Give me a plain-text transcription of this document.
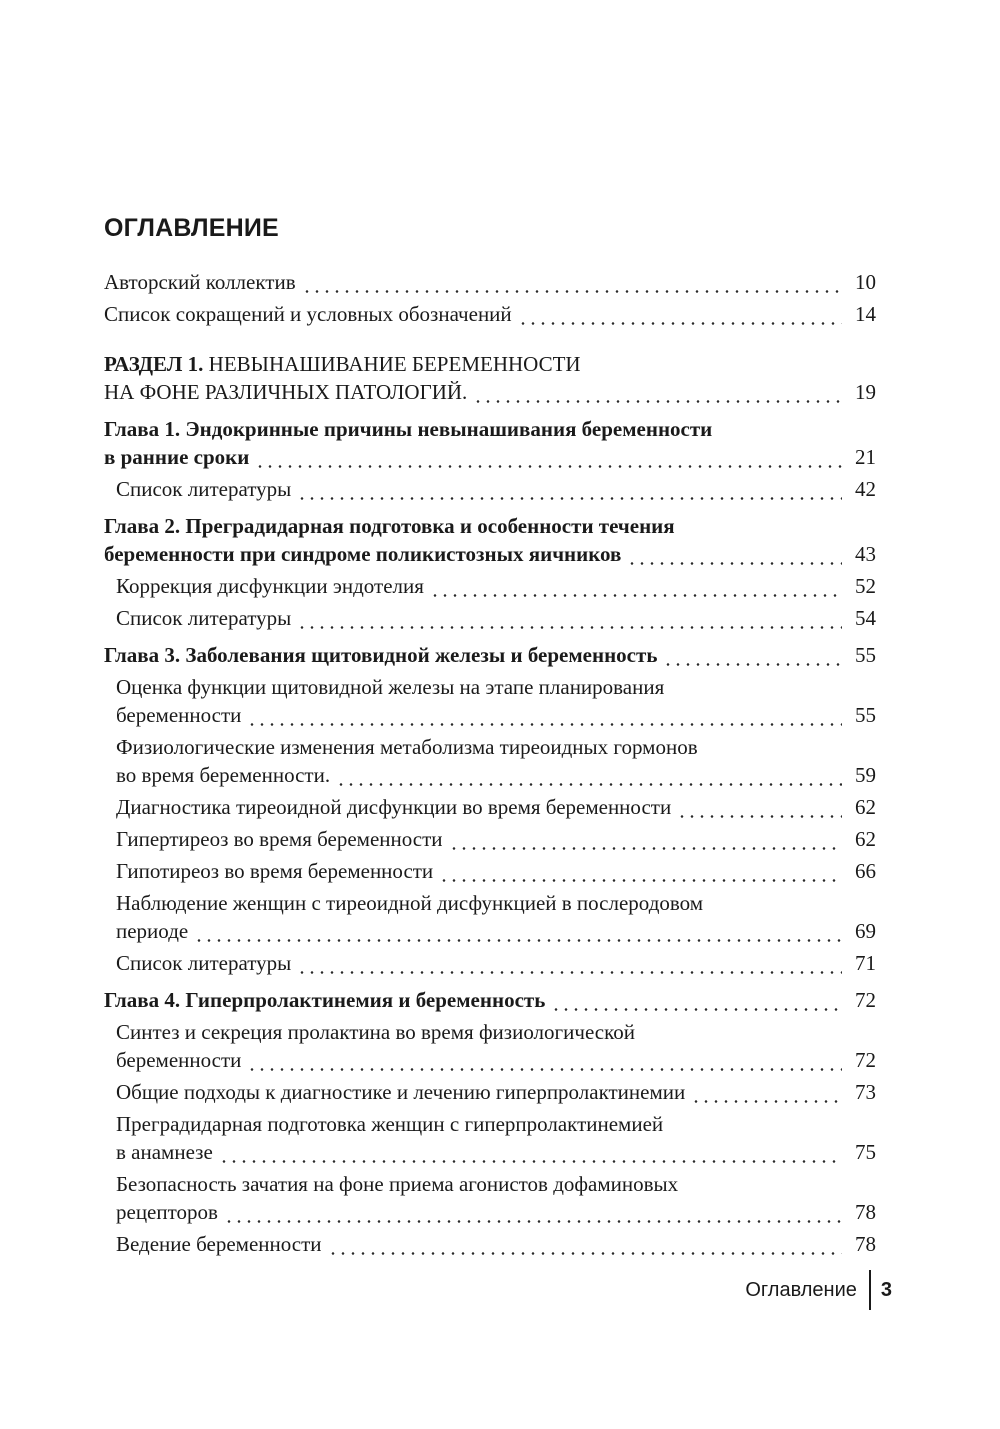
ОГЛАВЛЕНИЕ
Авторский коллектив	10
Список сокращений и условных обозначений	14
РАЗДЕЛ 1. НЕВЫНАШИВАНИЕ БЕРЕМЕННОСТИ
НА ФОНЕ РАЗЛИЧНЫХ ПАТОЛОГИЙ.	19
Глава 1. Эндокринные причины невынашивания беременности
в ранние сроки	21
Список литературы	42
Глава 2. Преградидарная подготовка и особенности течения
беременности при синдроме поликистозных яичников	43
Коррекция дисфункции эндотелия	52
Список литературы	54
Глава 3. Заболевания щитовидной железы и беременность	55
Оценка функции щитовидной железы на этапе планирования
беременности	55
Физиологические изменения метаболизма тиреоидных гормонов
во время беременности.	59
Диагностика тиреоидной дисфункции во время беременности	62
Гипертиреоз во время беременности	62
Гипотиреоз во время беременности	66
Наблюдение женщин с тиреоидной дисфункцией в послеродовом
периоде	69
Список литературы	71
Глава 4. Гиперпролактинемия и беременность	72
Синтез и секреция пролактина во время физиологической
беременности	72
Общие подходы к диагностике и лечению гиперпролактинемии	73
Преградидарная подготовка женщин с гиперпролактинемией
в анамнезе	75
Безопасность зачатия на фоне приема агонистов дофаминовых
рецепторов	78
Ведение беременности	78
Оглавление 3
